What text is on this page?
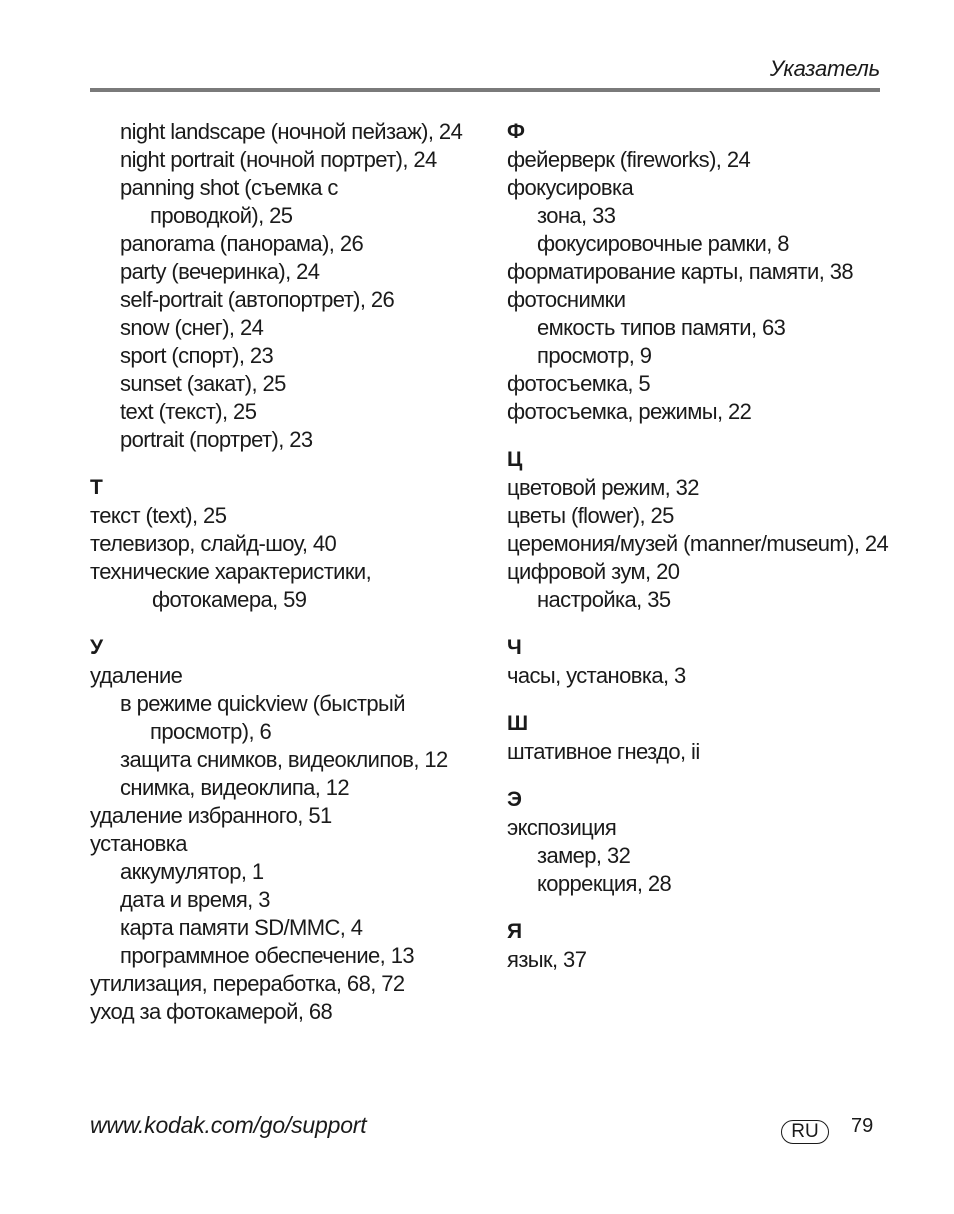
Указатель
night landscape (ночной пейзаж), 24
night portrait (ночной портрет), 24
panning shot (съемка с
проводкой), 25
panorama (панорама), 26
party (вечеринка), 24
self-portrait (автопортрет), 26
snow (снег), 24
sport (спорт), 23
sunset (закат), 25
text (текст), 25
portrait (портрет), 23
Т
текст (text), 25
телевизор, слайд-шоу, 40
технические характеристики,
фотокамера, 59
У
удаление
в режиме quickview (быстрый
просмотр), 6
защита снимков, видеоклипов, 12
снимка, видеоклипа, 12
удаление избранного, 51
установка
аккумулятор, 1
дата и время, 3
карта памяти SD/MMC, 4
программное обеспечение, 13
утилизация, переработка, 68, 72
уход за фотокамерой, 68
Ф
фейерверк (fireworks), 24
фокусировка
зона, 33
фокусировочные рамки, 8
форматирование карты, памяти, 38
фотоснимки
емкость типов памяти, 63
просмотр, 9
фотосъемка, 5
фотосъемка, режимы, 22
Ц
цветовой режим, 32
цветы (flower), 25
церемония/музей (manner/museum), 24
цифровой зум, 20
настройка, 35
Ч
часы, установка, 3
Ш
штативное гнездо, ii
Э
экспозиция
замер, 32
коррекция, 28
Я
язык, 37
www.kodak.com/go/support	RU	79
